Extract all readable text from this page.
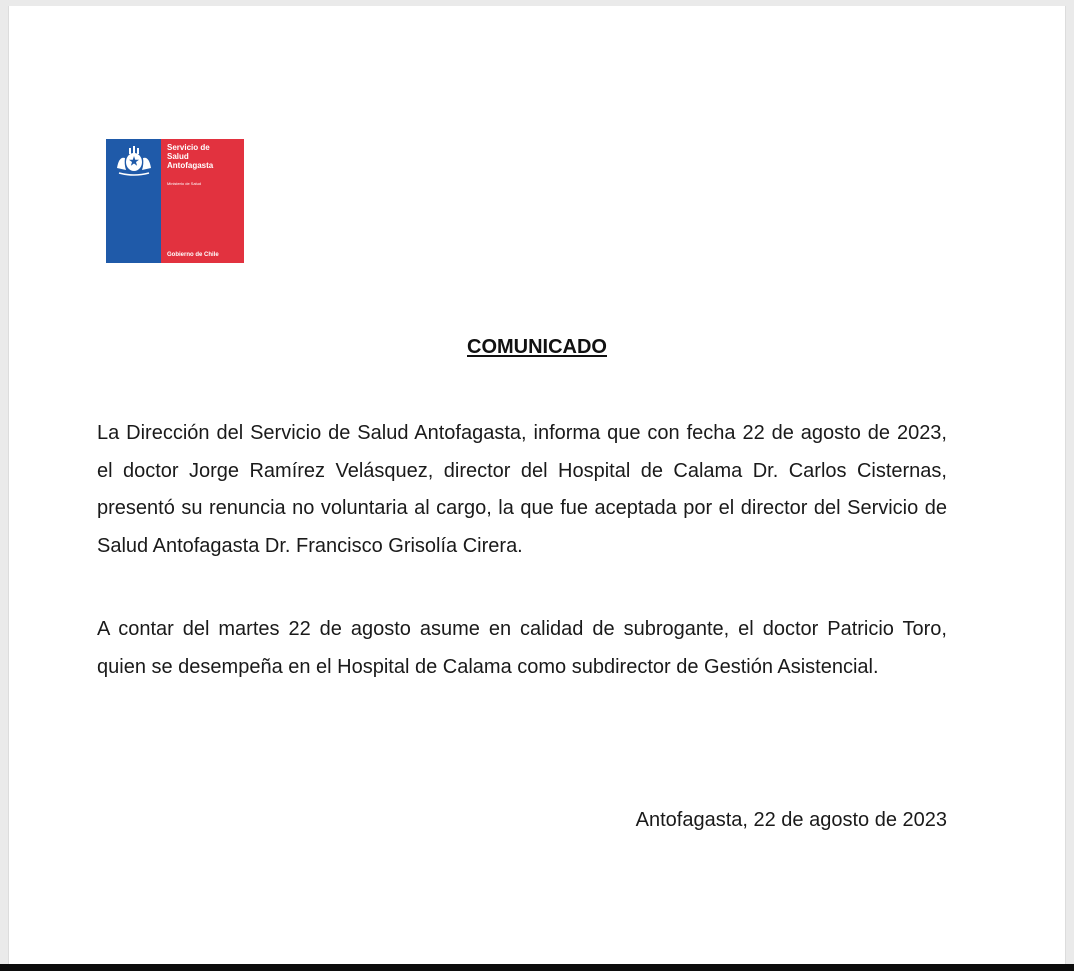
Servicio de
Salud
Antofagasta
Ministerio de Salud
Gobierno de Chile
COMUNICADO

La Dirección del Servicio de Salud Antofagasta, informa que con fecha 22 de agosto de 2023, el doctor Jorge Ramírez Velásquez, director del Hospital de Calama Dr. Carlos Cisternas, presentó su renuncia no voluntaria al cargo, la que fue aceptada por el director del Servicio de Salud Antofagasta Dr. Francisco Grisolía Cirera.

A contar del martes 22 de agosto asume en calidad de subrogante, el doctor Patricio Toro, quien se desempeña en el Hospital de Calama como subdirector de Gestión Asistencial.

Antofagasta, 22 de agosto de 2023
